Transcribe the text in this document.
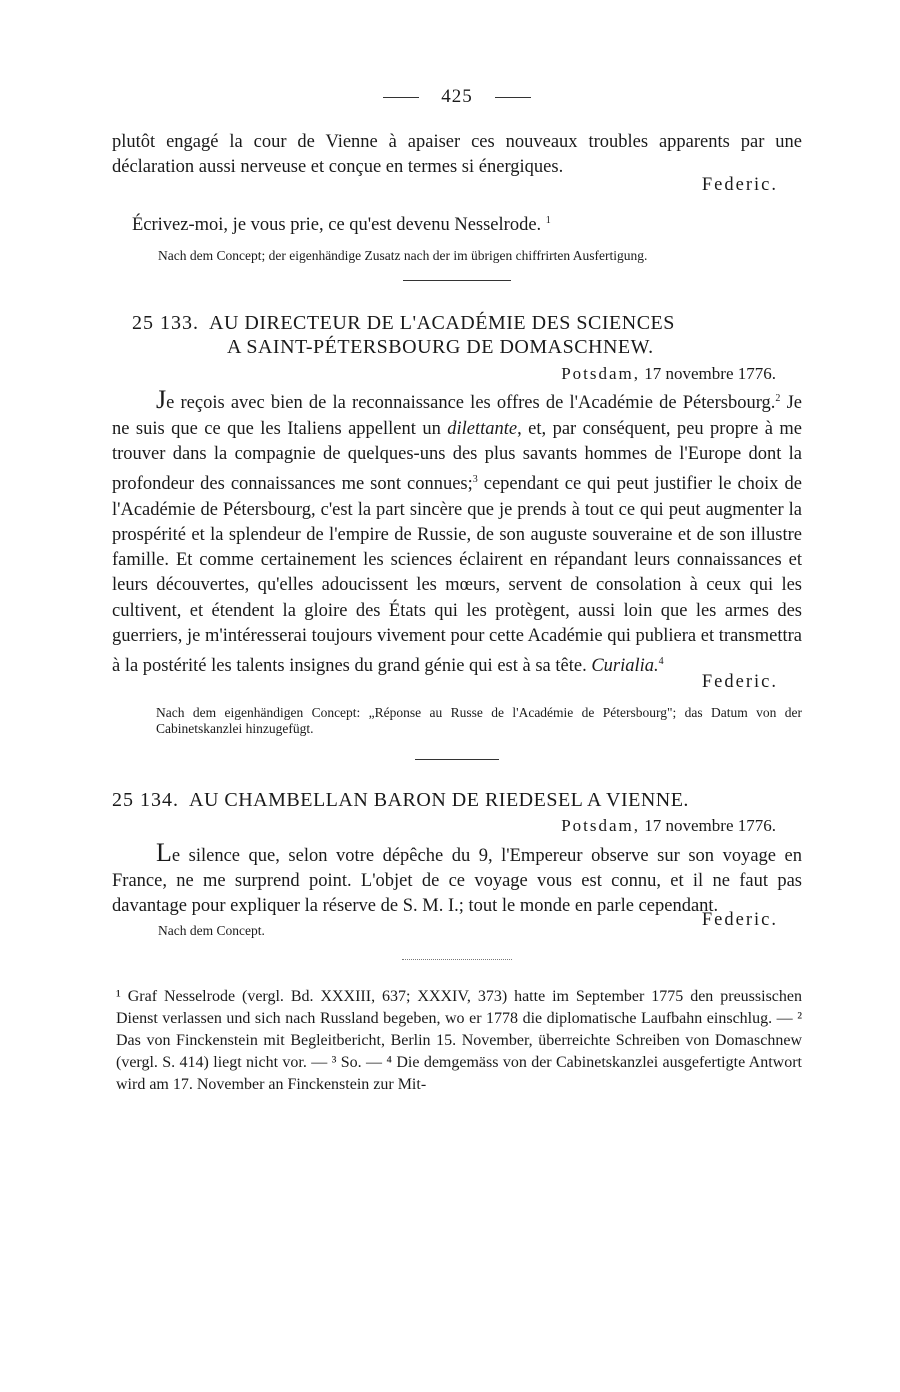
425
plutôt engagé la cour de Vienne à apaiser ces nouveaux troubles apparents par une déclaration aussi nerveuse et conçue en termes si énergiques.
Federic.
Écrivez-moi, je vous prie, ce qu'est devenu Nesselrode. $^1$
Nach dem Concept; der eigenhändige Zusatz nach der im übrigen chiffrirten Ausfertigung.
25 133. AU DIRECTEUR DE L'ACADÉMIE DES SCIENCES
A SAINT-PÉTERSBOURG DE DOMASCHNEW.
Potsdam, 17 novembre 1776.
Je reçois avec bien de la reconnaissance les offres de l'Académie de Pétersbourg.$^2$ Je ne suis que ce que les Italiens appellent un dilettante, et, par conséquent, peu propre à me trouver dans la compagnie de quelques-uns des plus savants hommes de l'Europe dont la profondeur des connaissances me sont connues;$^3$ cependant ce qui peut justifier le choix de l'Académie de Pétersbourg, c'est la part sincère que je prends à tout ce qui peut augmenter la prospérité et la splendeur de l'empire de Russie, de son auguste souveraine et de son illustre famille. Et comme certainement les sciences éclairent en répandant leurs connaissances et leurs découvertes, qu'elles adoucissent les mœurs, servent de consolation à ceux qui les cultivent, et étendent la gloire des États qui les protègent, aussi loin que les armes des guerriers, je m'intéresserai toujours vivement pour cette Académie qui publiera et transmettra à la postérité les talents insignes du grand génie qui est à sa tête. Curialia.$^4$
Federic.
Nach dem eigenhändigen Concept: „Réponse au Russe de l'Académie de Pétersbourg"; das Datum von der Cabinetskanzlei hinzugefügt.
25 134. AU CHAMBELLAN BARON DE RIEDESEL A VIENNE.
Potsdam, 17 novembre 1776.
Le silence que, selon votre dépêche du 9, l'Empereur observe sur son voyage en France, ne me surprend point. L'objet de ce voyage vous est connu, et il ne faut pas davantage pour expliquer la réserve de S. M. I.; tout le monde en parle cependant.
Federic.
Nach dem Concept.
¹ Graf Nesselrode (vergl. Bd. XXXIII, 637; XXXIV, 373) hatte im September 1775 den preussischen Dienst verlassen und sich nach Russland begeben, wo er 1778 die diplomatische Laufbahn einschlug. — ² Das von Finckenstein mit Begleitbericht, Berlin 15. November, überreichte Schreiben von Domaschnew (vergl. S. 414) liegt nicht vor. — ³ So. — ⁴ Die demgemäss von der Cabinetskanzlei ausgefertigte Antwort wird am 17. November an Finckenstein zur Mit-
